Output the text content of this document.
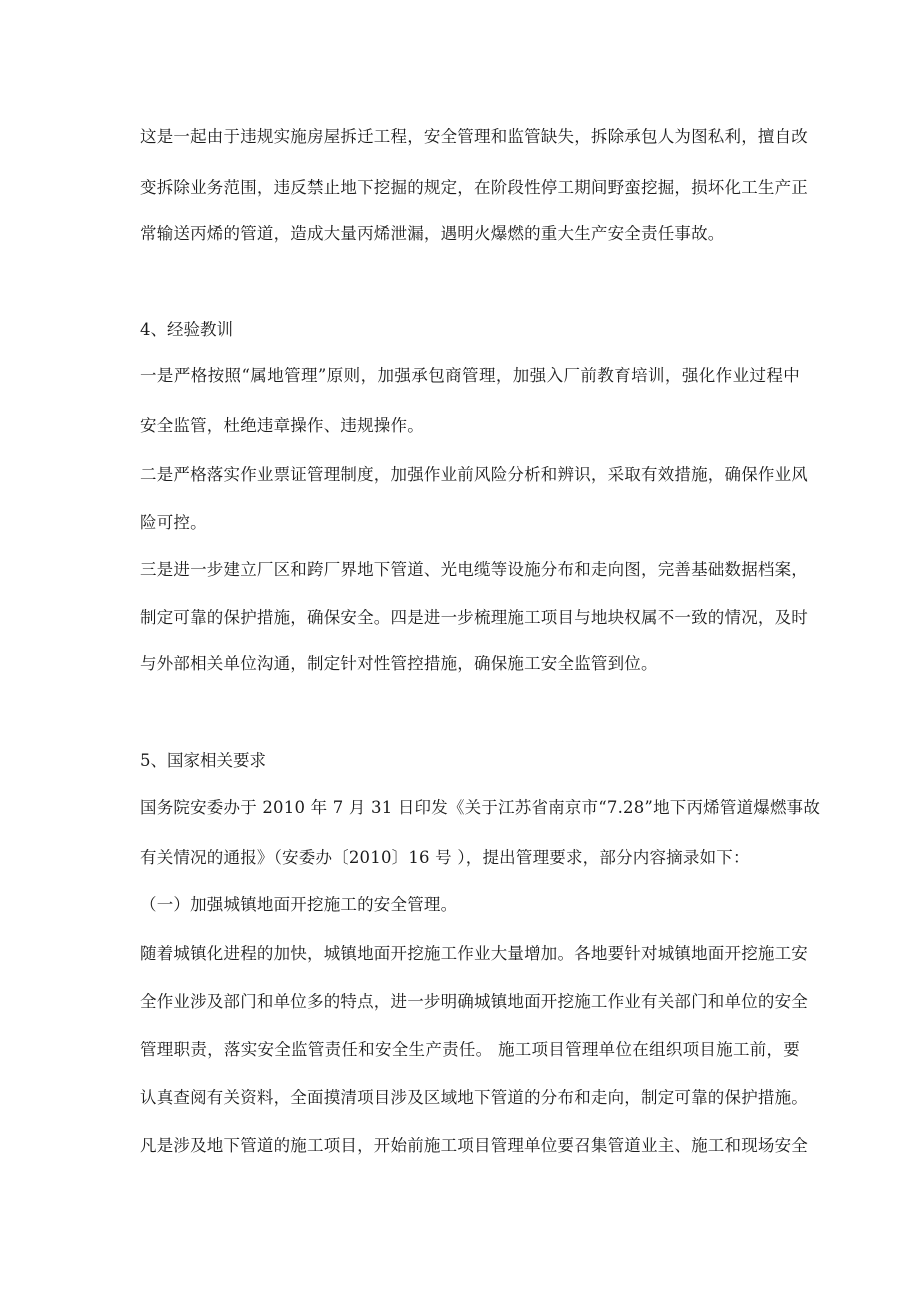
这是一起由于违规实施房屋拆迁工程，安全管理和监管缺失，拆除承包人为图私利，擅自改
变拆除业务范围，违反禁止地下挖掘的规定，在阶段性停工期间野蛮挖掘，损坏化工生产正
常输送丙烯的管道，造成大量丙烯泄漏，遇明火爆燃的重大生产安全责任事故。
4、经验教训
一是严格按照“属地管理”原则，加强承包商管理，加强入厂前教育培训，强化作业过程中
安全监管，杜绝违章操作、违规操作。
二是严格落实作业票证管理制度，加强作业前风险分析和辨识，采取有效措施，确保作业风
险可控。
三是进一步建立厂区和跨厂界地下管道、光电缆等设施分布和走向图，完善基础数据档案，
制定可靠的保护措施，确保安全。四是进一步梳理施工项目与地块权属不一致的情况，及时
与外部相关单位沟通，制定针对性管控措施，确保施工安全监管到位。
5、国家相关要求
国务院安委办于 2010 年 7 月 31 日印发《关于江苏省南京市“7.28”地下丙烯管道爆燃事故
有关情况的通报》（安委办〔2010〕16 号 ），提出管理要求，部分内容摘录如下：
（一）加强城镇地面开挖施工的安全管理。
随着城镇化进程的加快，城镇地面开挖施工作业大量增加。各地要针对城镇地面开挖施工安
全作业涉及部门和单位多的特点，进一步明确城镇地面开挖施工作业有关部门和单位的安全
管理职责，落实安全监管责任和安全生产责任。 施工项目管理单位在组织项目施工前，要
认真查阅有关资料，全面摸清项目涉及区域地下管道的分布和走向，制定可靠的保护措施。
凡是涉及地下管道的施工项目，开始前施工项目管理单位要召集管道业主、施工和现场安全
